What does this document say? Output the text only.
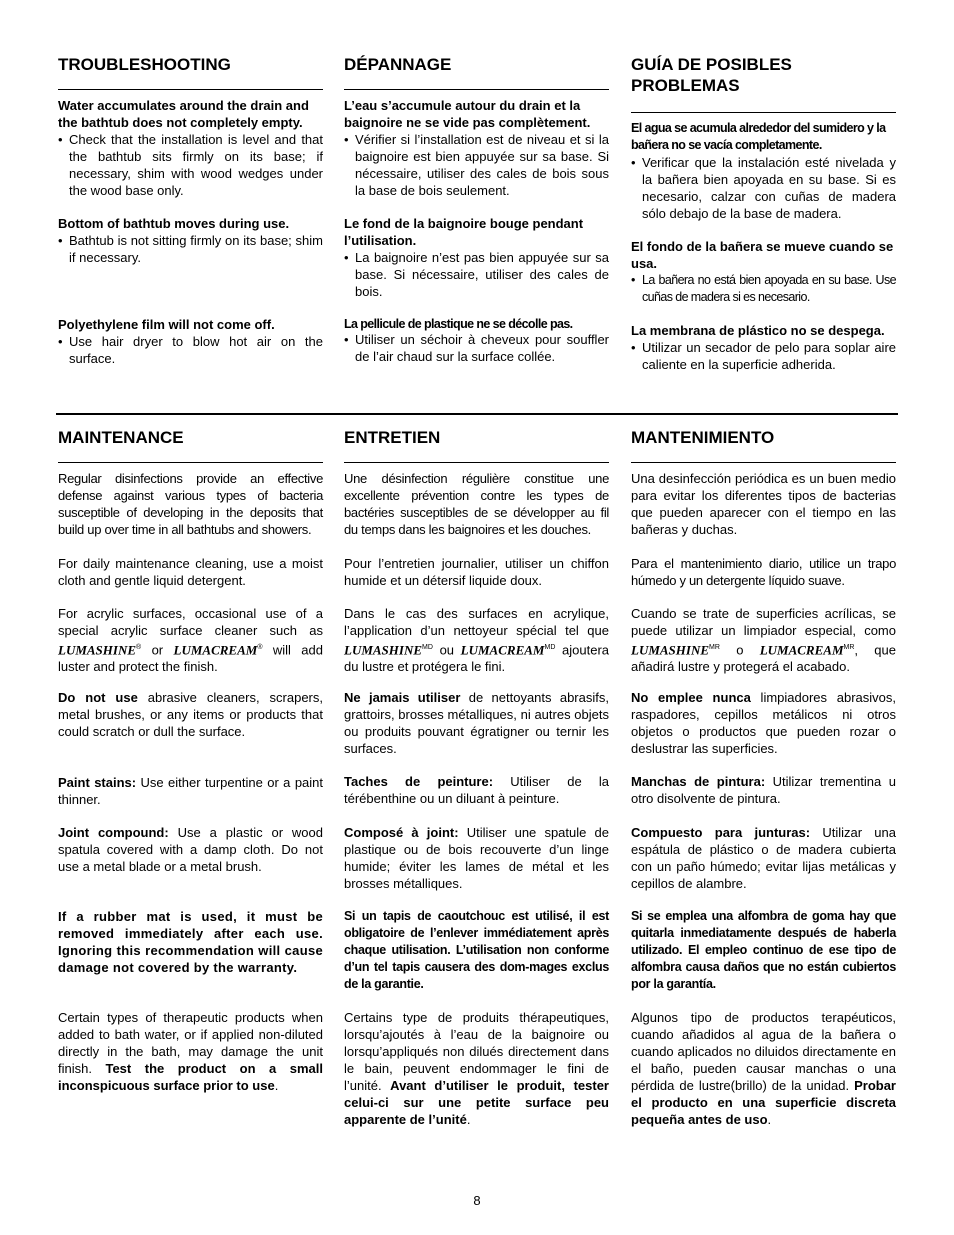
TROUBLESHOOTING

Water accumulates around the drain and the bathtub does not completely empty.

• Check that the installation is level and that the bathtub sits firmly on its base; if necessary, shim with wood wedges under the wood base only.

Bottom of bathtub moves during use.

• Bathtub is not sitting firmly on its base; shim if necessary.

Polyethylene film will not come off.

• Use hair dryer to blow hot air on the surface.
DÉPANNAGE

L’eau s’accumule autour du drain et la baignoire ne se vide pas complètement.

• Vérifier si l’installation est de niveau et si la baignoire est bien appuyée sur sa base. Si nécessaire, utiliser des cales de bois sous la base de bois seulement.

Le fond de la baignoire bouge pendant l’utilisation.

• La baignoire n’est pas bien appuyée sur sa base. Si nécessaire, utiliser des cales de bois.

La pellicule de plastique ne se décolle pas.

• Utiliser un séchoir à cheveux pour souffler de l’air chaud sur la surface collée.
GUÍA DE POSIBLES PROBLEMAS

El agua se acumula alrededor del sumidero y la bañera no se vacía completamente.

• Verificar que la instalación esté nivelada y la bañera bien apoyada en su base. Si es necesario, calzar con cuñas de madera sólo debajo de la base de madera.

El fondo de la bañera se mueve cuando se usa.

• La bañera no está bien apoyada en su base. Use cuñas de madera si es necesario.

La membrana de plástico no se despega.

• Utilizar un secador de pelo para soplar aire caliente en la superficie adherida.
MAINTENANCE

Regular disinfections provide an effective defense against various types of bacteria susceptible of developing in the deposits that build up over time in all bathtubs and showers.

For daily maintenance cleaning, use a moist cloth and gentle liquid detergent.

For acrylic surfaces, occasional use of a special acrylic surface cleaner such as LUMASHINE® or LUMACREAM® will add luster and protect the finish.

Do not use abrasive cleaners, scrapers, metal brushes, or any items or products that could scratch or dull the surface.

Paint stains: Use either turpentine or a paint thinner.

Joint compound: Use a plastic or wood spatula covered with a damp cloth. Do not use a metal blade or a metal brush.

If a rubber mat is used, it must be removed immediately after each use. Ignoring this recommendation will cause damage not covered by the warranty.

Certain types of therapeutic products when added to bath water, or if applied non-diluted directly in the bath, may damage the unit finish. Test the product on a small inconspicuous surface prior to use.

ENTRETIEN

Une désinfection régulière constitue une excellente prévention contre les types de bactéries susceptibles de se développer au fil du temps dans les baignoires et les douches.

Pour l’entretien journalier, utiliser un chiffon humide et un détersif liquide doux.

Dans le cas des surfaces en acrylique, l’application d’un nettoyeur spécial tel que $LUMASHINE^{MD}$ ou $LUMACREAM^{MD}$ ajoutera du lustre et protégera le fini.

Ne jamais utiliser de nettoyants abrasifs, grattoirs, brosses métalliques, ni autres objets ou produits pouvant égratigner ou ternir les surfaces.

Taches de peinture: Utiliser de la térébenthine ou un diluant à peinture.

Composé à joint: Utiliser une spatule de plastique ou de bois recouverte d’un linge humide; éviter les lames de métal et les brosses métalliques.

Si un tapis de caoutchouc est utilisé, il est obligatoire de l’enlever immédiatement après chaque utilisation. L’utilisation non conforme d’un tel tapis causera des dom-mages exclus de la garantie.

Certains type de produits thérapeutiques, lorsqu’ajoutés à l’eau de la baignoire ou lorsqu’appliqués non dilués directement dans le bain, peuvent endommager le fini de l’unité. Avant d’utiliser le produit, tester celui-ci sur une petite surface peu apparente de l’unité.

MANTENIMIENTO

Una desinfección periódica es un buen medio para evitar los diferentes tipos de bacterias que pueden aparecer con el tiempo en las bañeras y duchas.

Para el mantenimiento diario, utilice un trapo húmedo y un detergente líquido suave.

Cuando se trate de superficies acrílicas, se puede utilizar un limpiador especial, como $LUMASHINE^{MR}$ o $LUMACREAM^{MR}$, que añadirá lustre y protegerá el acabado.

No emplee nunca limpiadores abrasivos, raspadores, cepillos metálicos ni otros objetos o productos que pueden rozar o deslustrar las superficies.

Manchas de pintura: Utilizar trementina u otro disolvente de pintura.

Compuesto para junturas: Utilizar una espátula de plástico o de madera cubierta con un paño húmedo; evitar lijas metálicas y cepillos de alambre.

Si se emplea una alfombra de goma hay que quitarla inmediatamente después de haberla utilizado. El empleo continuo de ese tipo de alfombra causa daños que no están cubiertos por la garantía.

Algunos tipo de productos terapéuticos, cuando añadidos al agua de la bañera o cuando aplicados no diluidos directamente en el baño, pueden causar manchas o una pérdida de lustre(brillo) de la unidad. Probar el producto en una superficie discreta pequeña antes de uso.

8
